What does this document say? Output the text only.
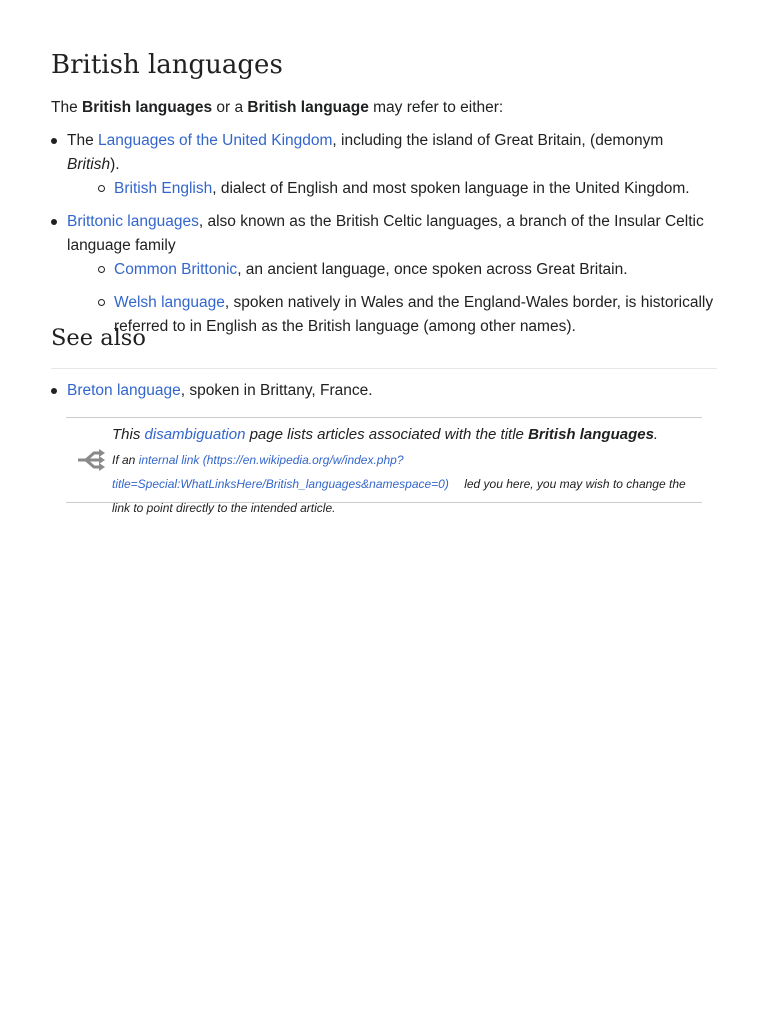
British languages

The British languages or a British language may refer to either:

The Languages of the United Kingdom, including the island of Great Britain, (demonym British).
British English, dialect of English and most spoken language in the United Kingdom.
Brittonic languages, also known as the British Celtic languages, a branch of the Insular Celtic language family
Common Brittonic, an ancient language, once spoken across Great Britain.
Welsh language, spoken natively in Wales and the England-Wales border, is historically referred to in English as the British language (among other names).
See also
Breton language, spoken in Brittany, France.
This disambiguation page lists articles associated with the title British languages.
If an internal link (https://en.wikipedia.org/w/index.php?title=Special:WhatLinksHere/British_languages&namespace=0) led you here, you may wish to change the link to point directly to the intended article.
